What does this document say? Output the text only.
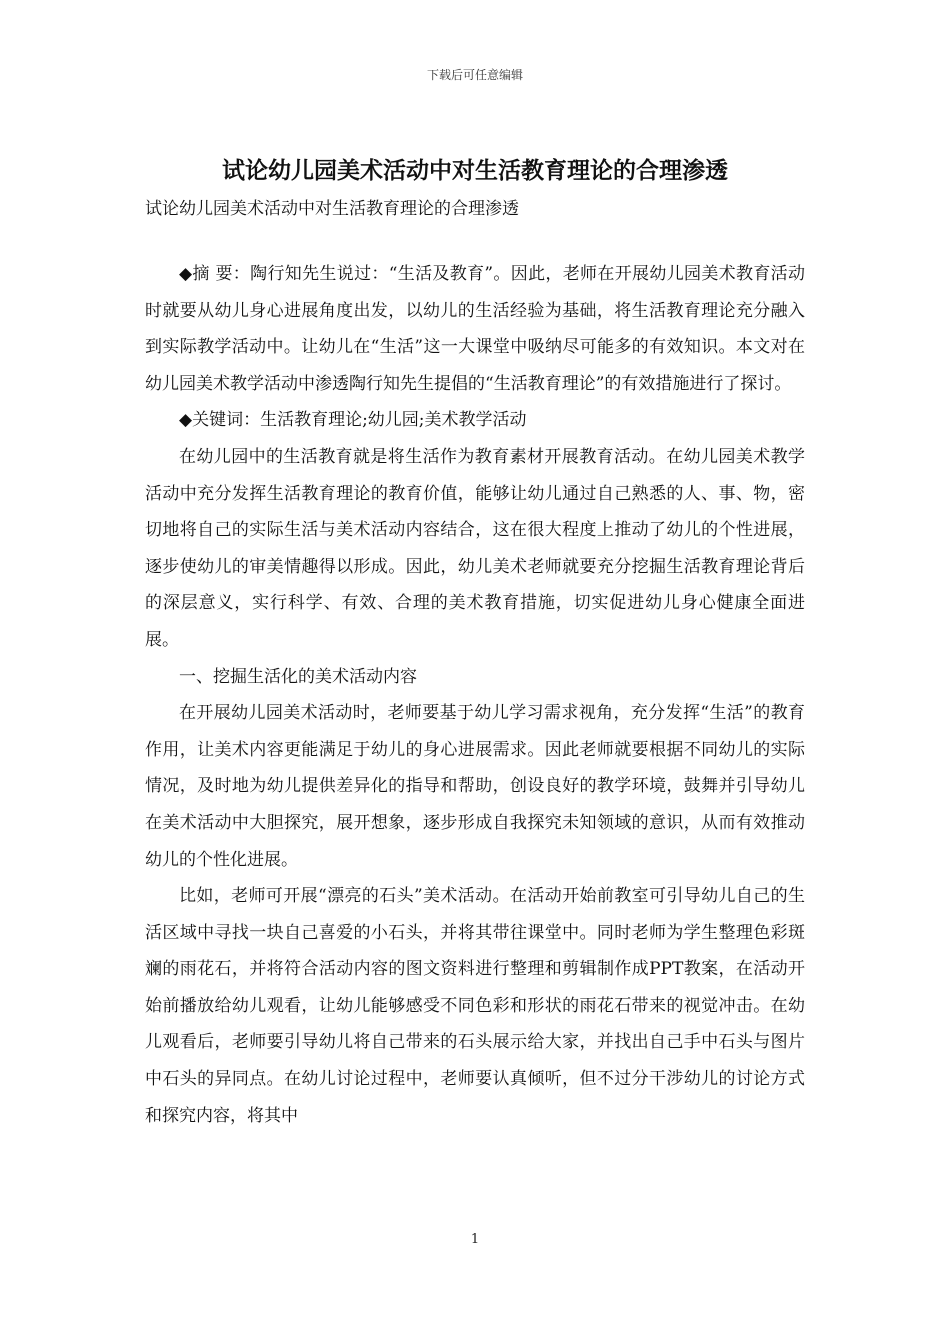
下载后可任意编辑
试论幼儿园美术活动中对生活教育理论的合理渗透

试论幼儿园美术活动中对生活教育理论的合理渗透

◆摘 要：陶行知先生说过：“生活及教育”。因此，老师在开展幼儿园美术教育活动时就要从幼儿身心进展角度出发，以幼儿的生活经验为基础，将生活教育理论充分融入到实际教学活动中。让幼儿在“生活”这一大课堂中吸纳尽可能多的有效知识。本文对在幼儿园美术教学活动中渗透陶行知先生提倡的“生活教育理论”的有效措施进行了探讨。

◆关键词：生活教育理论;幼儿园;美术教学活动

在幼儿园中的生活教育就是将生活作为教育素材开展教育活动。在幼儿园美术教学活动中充分发挥生活教育理论的教育价值，能够让幼儿通过自己熟悉的人、事、物，密切地将自己的实际生活与美术活动内容结合，这在很大程度上推动了幼儿的个性进展，逐步使幼儿的审美情趣得以形成。因此，幼儿美术老师就要充分挖掘生活教育理论背后的深层意义，实行科学、有效、合理的美术教育措施，切实促进幼儿身心健康全面进展。

一、挖掘生活化的美术活动内容

在开展幼儿园美术活动时，老师要基于幼儿学习需求视角，充分发挥“生活”的教育作用，让美术内容更能满足于幼儿的身心进展需求。因此老师就要根据不同幼儿的实际情况，及时地为幼儿提供差异化的指导和帮助，创设良好的教学环境，鼓舞并引导幼儿在美术活动中大胆探究，展开想象，逐步形成自我探究未知领域的意识，从而有效推动幼儿的个性化进展。

比如，老师可开展“漂亮的石头”美术活动。在活动开始前教室可引导幼儿自己的生活区域中寻找一块自己喜爱的小石头，并将其带往课堂中。同时老师为学生整理色彩斑斓的雨花石，并将符合活动内容的图文资料进行整理和剪辑制作成PPT教案，在活动开始前播放给幼儿观看，让幼儿能够感受不同色彩和形状的雨花石带来的视觉冲击。在幼儿观看后，老师要引导幼儿将自己带来的石头展示给大家，并找出自己手中石头与图片中石头的异同点。在幼儿讨论过程中，老师要认真倾听，但不过分干涉幼儿的讨论方式和探究内容，将其中

1
